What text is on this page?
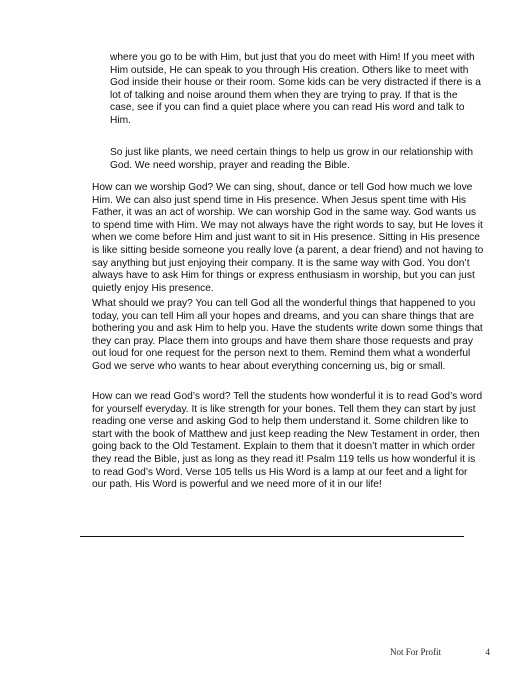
where you go to be with Him, but just that you do meet with Him! If you meet with Him outside, He can speak to you through His creation. Others like to meet with God inside their house or their room. Some kids can be very distracted if there is a lot of talking and noise around them when they are trying to pray. If that is the case, see if you can find a quiet place where you can read His word and talk to Him.

So just like plants, we need certain things to help us grow in our relationship with God. We need worship, prayer and reading the Bible.

How can we worship God? We can sing, shout, dance or tell God how much we love Him. We can also just spend time in His presence. When Jesus spent time with His Father, it was an act of worship. We can worship God in the same way. God wants us to spend time with Him. We may not always have the right words to say, but He loves it when we come before Him and just want to sit in His presence. Sitting in His presence is like sitting beside someone you really love (a parent, a dear friend) and not having to say anything but just enjoying their company. It is the same way with God. You don’t always have to ask Him for things or express enthusiasm in worship, but you can just quietly enjoy His presence.

What should we pray? You can tell God all the wonderful things that happened to you today, you can tell Him all your hopes and dreams, and you can share things that are bothering you and ask Him to help you. Have the students write down some things that they can pray. Place them into groups and have them share those requests and pray out loud for one request for the person next to them. Remind them what a wonderful God we serve who wants to hear about everything concerning us, big or small.

How can we read God’s word? Tell the students how wonderful it is to read God’s word for yourself everyday. It is like strength for your bones. Tell them they can start by just reading one verse and asking God to help them understand it. Some children like to start with the book of Matthew and just keep reading the New Testament in order, then going back to the Old Testament. Explain to them that it doesn’t matter in which order they read the Bible, just as long as they read it! Psalm 119 tells us how wonderful it is to read God’s Word. Verse 105 tells us His Word is a lamp at our feet and a light for our path. His Word is powerful and we need more of it in our life!

Not For Profit	4
